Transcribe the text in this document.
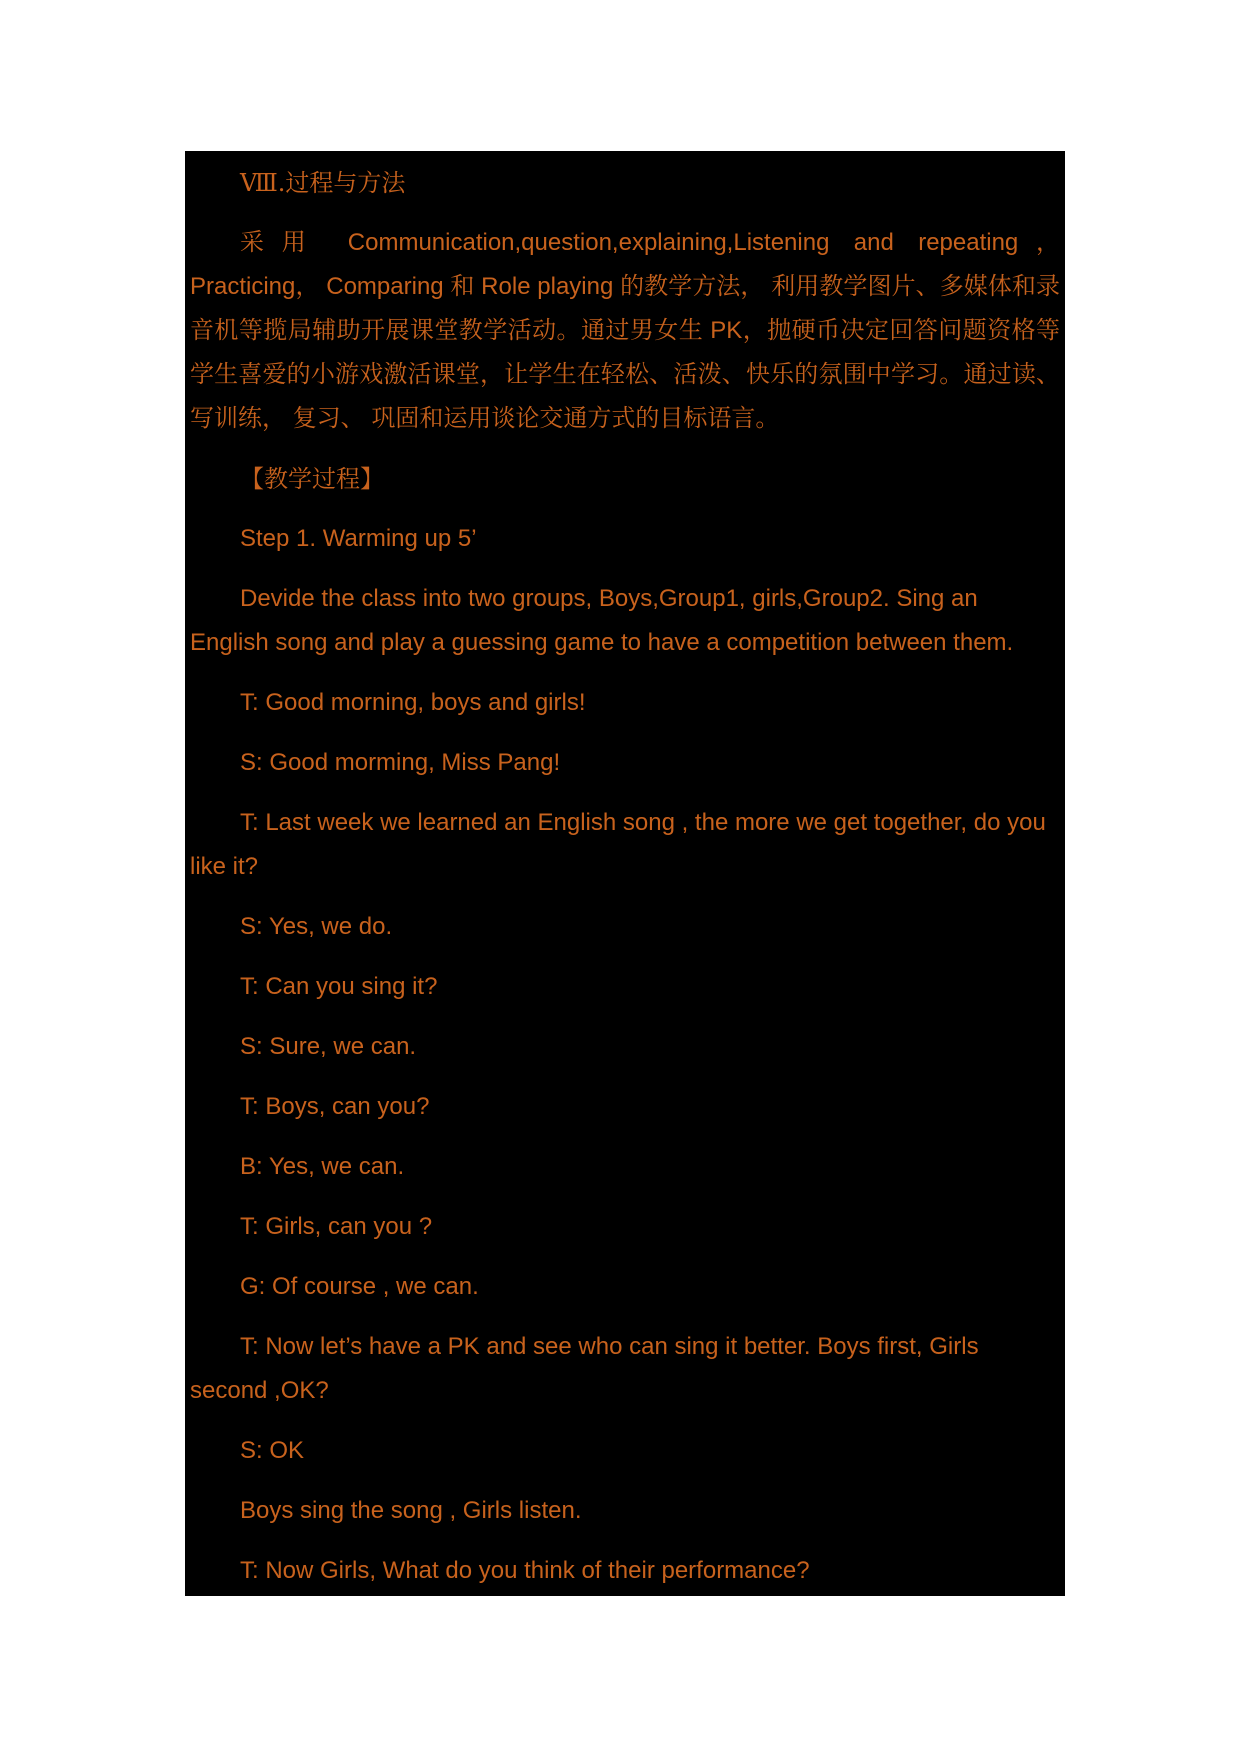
Ⅷ.过程与方法

采用 Communication,question,explaining,Listening and repeating，Practicing， Comparing 和 Role playing 的教学方法， 利用教学图片、多媒体和录音机等揽局辅助开展课堂教学活动。通过男女生 PK，抛硬币决定回答问题资格等学生喜爱的小游戏激活课堂，让学生在轻松、活泼、快乐的氛围中学习。通过读、写训练， 复习、 巩固和运用谈论交通方式的目标语言。

【教学过程】

Step 1. Warming up 5’

Devide the class into two groups, Boys,Group1, girls,Group2. Sing an English song and play a guessing game to have a competition between them.

T: Good morning, boys and girls!

S: Good morming, Miss Pang!

T: Last week we learned an English song , the more we get together, do you like it?

S: Yes, we do.

T: Can you sing it?

S: Sure, we can.

T: Boys, can you?

B: Yes, we can.

T: Girls, can you ?

G: Of course , we can.

T: Now let’s have a PK and see who can sing it better. Boys first, Girls second ,OK?

S: OK

Boys sing the song , Girls listen.

T: Now Girls, What do you think of their performance?
